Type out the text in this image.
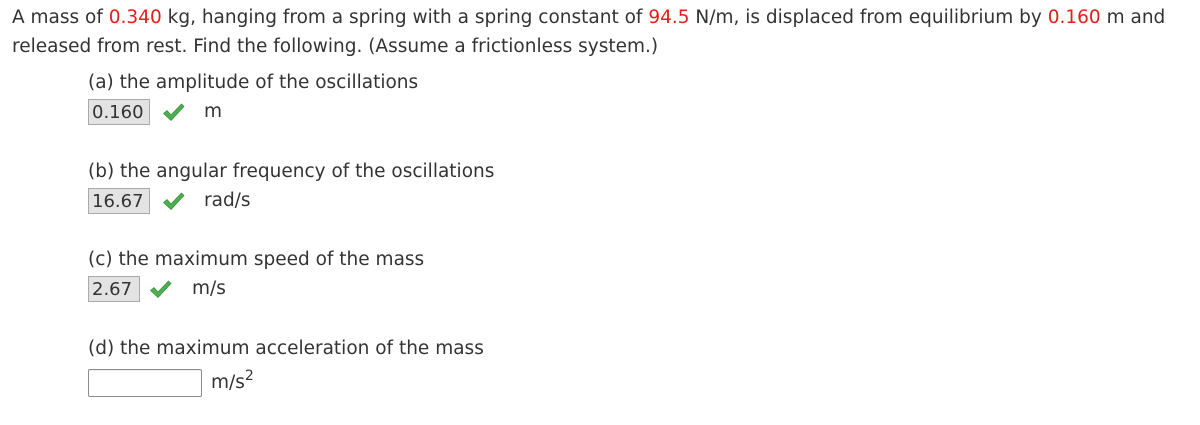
A mass of 0.340 kg, hanging from a spring with a spring constant of 94.5 N/m, is displaced from equilibrium by 0.160 m and released from rest. Find the following. (Assume a frictionless system.)

(a) the amplitude of the oscillations
0.160	m
(b) the angular frequency of the oscillations
16.67	rad/s
(c) the maximum speed of the mass
2.67	m/s
(d) the maximum acceleration of the mass
$m/s^2$
